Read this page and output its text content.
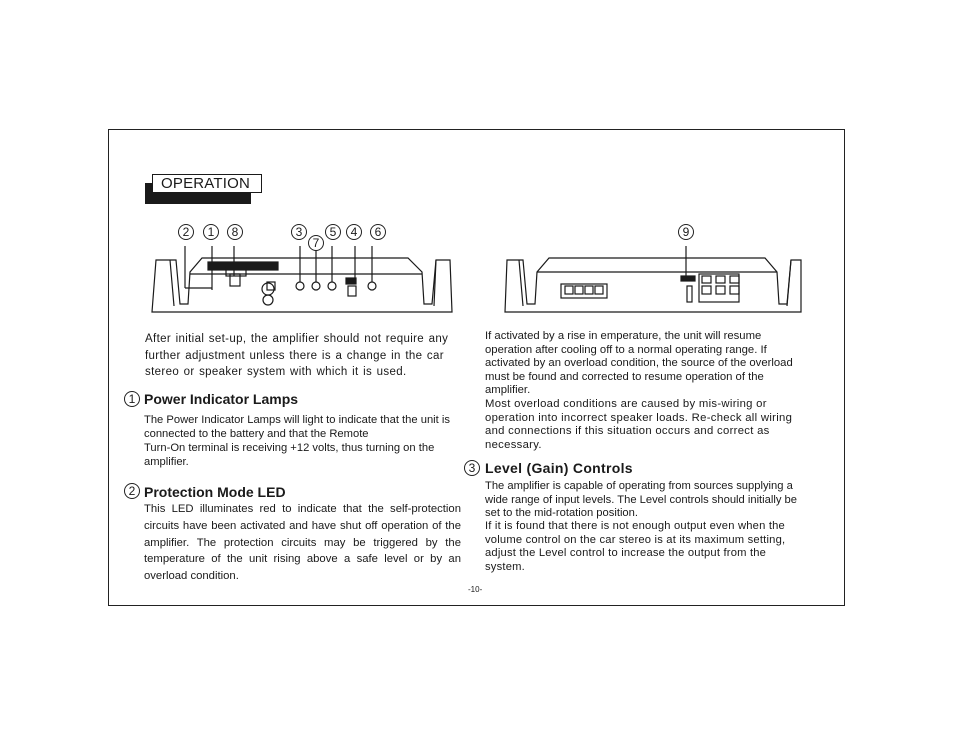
OPERATION
2	1	8	3
7
5	4	6	9

After initial set-up, the amplifier should not require any further adjustment unless there is a change in the car stereo or speaker system with which it is used.

1 Power Indicator Lamps

The Power Indicator Lamps will light to indicate that the unit is connected to the battery and that the Remote

Turn-On terminal is receiving +12 volts, thus turning on the amplifier.

2 Protection Mode LED

This LED illuminates red to indicate that the self-protection circuits have been activated and have shut off operation of the amplifier. The protection circuits may be triggered by the temperature of the unit rising above a safe level or by an overload condition.

If activated by a rise in emperature, the unit will resume operation after cooling off to a normal operating range. If activated by an overload condition, the source of the overload must be found and corrected to resume operation of the amplifier.

Most overload conditions are caused by mis-wiring or operation into incorrect speaker loads. Re-check all wiring and connections if this situation occurs and correct as necessary.

3 Level (Gain) Controls

The amplifier is capable of operating from sources supplying a wide range of input levels. The Level controls should initially be set to the mid-rotation position.

If it is found that there is not enough output even when the volume control on the car stereo is at its maximum setting, adjust the Level control to increase the output from the system.

-10-
